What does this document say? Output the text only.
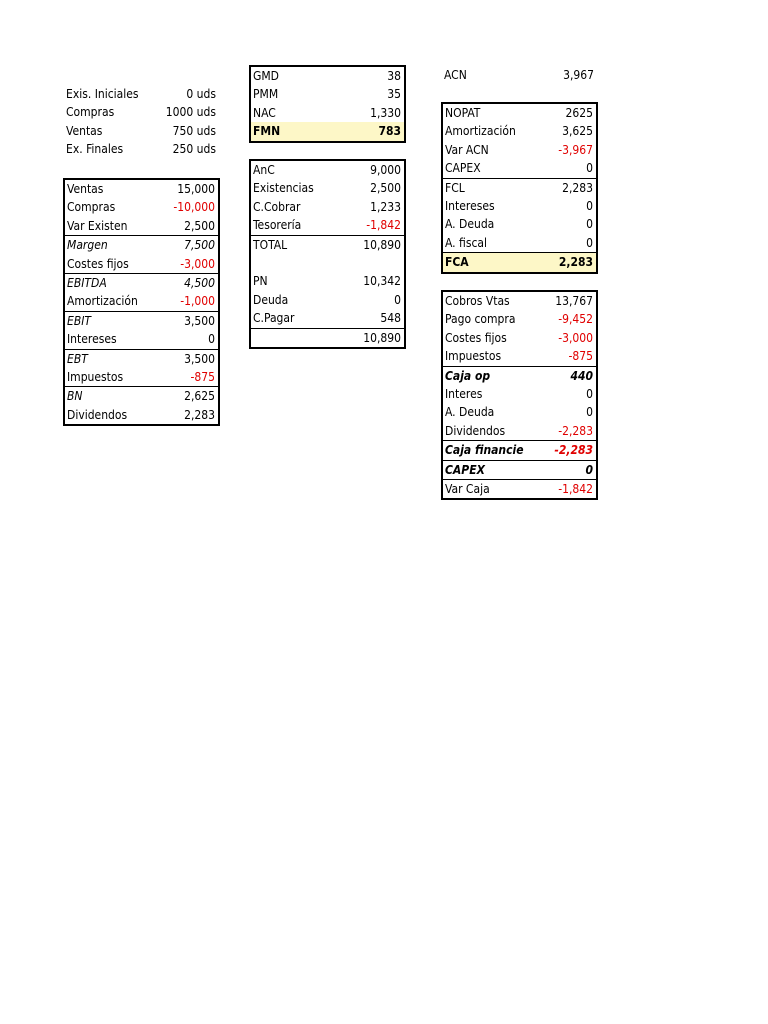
Exis. Iniciales	0 uds
Compras	1000 uds
Ventas	750 uds
Ex. Finales	250 uds
Ventas	15,000
Compras	-10,000
Var Existen	2,500
Margen	7,500
Costes fijos	-3,000
EBITDA	4,500
Amortización	-1,000
EBIT	3,500
Intereses	0
EBT	3,500
Impuestos	-875
BN	2,625
Dividendos	2,283
GMD	38
PMM	35
NAC	1,330
FMN	783
AnC	9,000
Existencias	2,500
C.Cobrar	1,233
Tesorería	-1,842
TOTAL	10,890
PN	10,342
Deuda	0
C.Pagar	548
10,890
ACN	3,967
NOPAT	2625
Amortización	3,625
Var ACN	-3,967
CAPEX	0
FCL	2,283
Intereses	0
A. Deuda	0
A. fiscal	0
FCA	2,283
Cobros Vtas	13,767
Pago compra	-9,452
Costes fijos	-3,000
Impuestos	-875
Caja op	440
Interes	0
A. Deuda	0
Dividendos	-2,283
Caja financie	-2,283
CAPEX	0
Var Caja	-1,842
